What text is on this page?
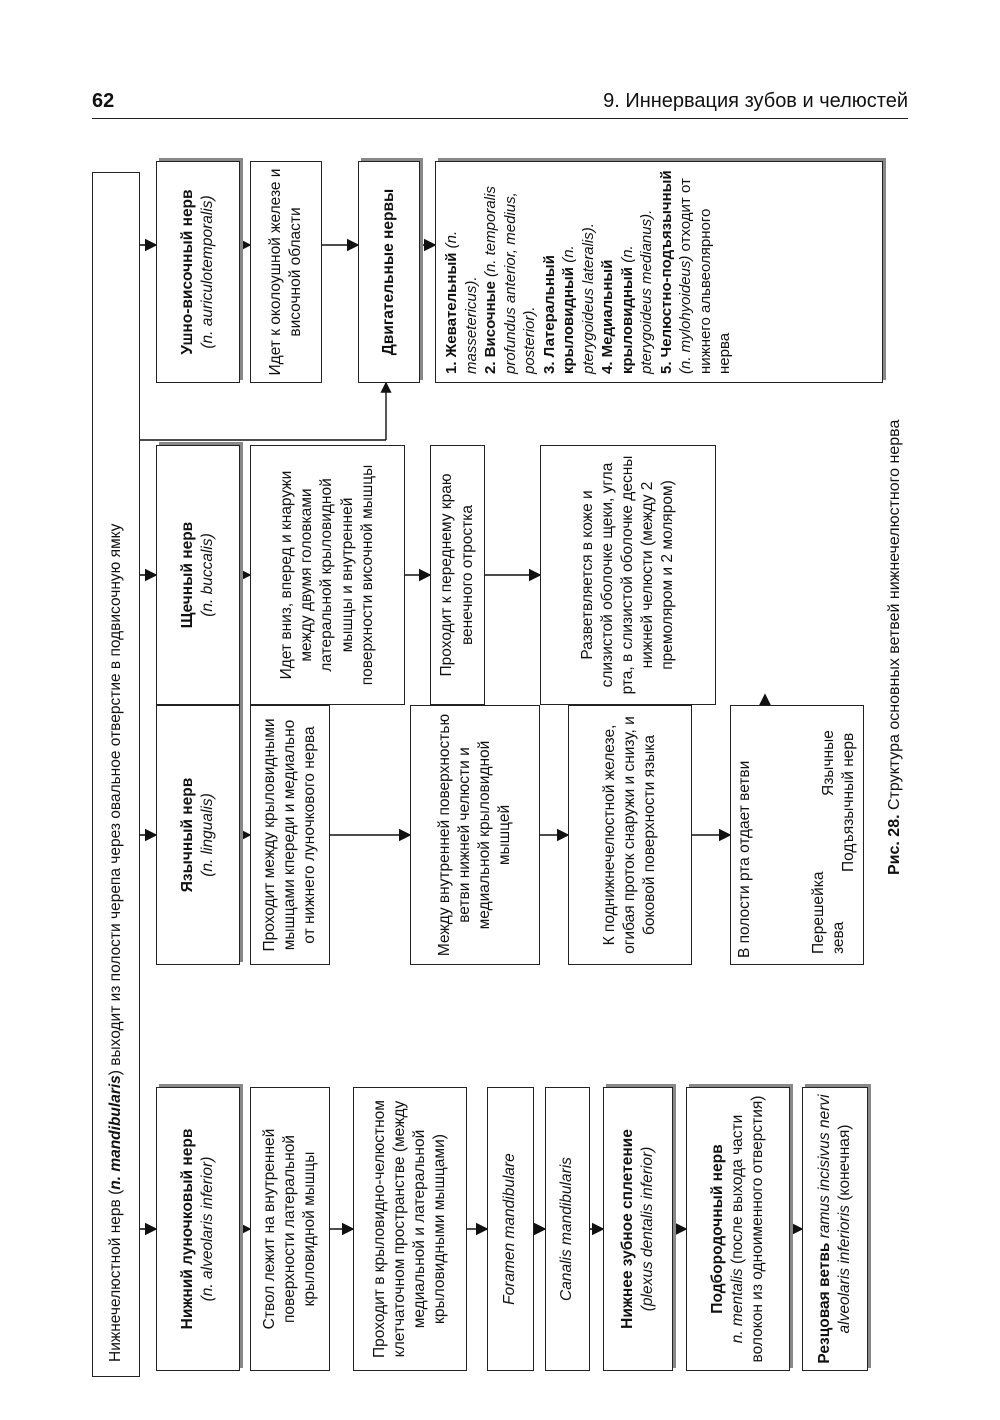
62	9. Иннервация зубов и челюстей
Нижнечелюстной нерв (n. mandibularis) выходит из полости черепа через овальное отверстие в подвисочную ямку
Нижний луночковый нерв (n. alveolaris inferior)	Ствол лежит на внутренней поверхности латеральной крыловидной мышцы	Проходит в крыловидно-челюстном клетчаточном пространстве (между медиальной и латеральной крыловидными мышцами)	Foramen mandibulare	Canalis mandibularis	Нижнее зубное сплетение (plexus dentalis inferior)	Подбородочный нерв n. mentalis (после выхода части волокон из одноименного отверстия)	Резцовая ветвь ramus incisivus nervi alveolaris inferioris (конечная)
Язычный нерв (n. lingualis)	Проходит между крыловидными мышцами кпереди и медиально от нижнего луночкового нерва	Между внутренней поверхностью ветви нижней челюсти и медиальной крыловидной мышцей	К поднижнечелюстной железе, огибая проток снаружи и снизу, и боковой поверхности языка	В полости рта отдает ветви	Перешейка зева
Язычные Подъязычный нерв
Щечный нерв (n. buccalis)	Идет вниз, вперед и кнаружи между двумя головками латеральной крыловидной мышцы и внутренней поверхности височной мышцы	Проходит к переднему краю венечного отростка	Разветвляется в коже и слизистой оболочке щеки, угла рта, в слизистой оболочке десны нижней челюсти (между 2 премоляром и 2 моляром)
Ушно-височный нерв (n. auriculotemporalis)	Идет к околоушной железе и височной области	Двигательные нервы	1. Жевательный (n. massetericus). 2. Височные (n. temporalis profundus anterior, medius, posterior). 3. Латеральный крыловидный (n. pterygoideus lateralis). 4. Медиальный крыловидный (n. pterygoideus medianus). 5. Челюстно-подъязычный (n. mylohyoideus) отходит от нижнего альвеолярного нерва
Рис. 28. Структура основных ветвей нижнечелюстного нерва
